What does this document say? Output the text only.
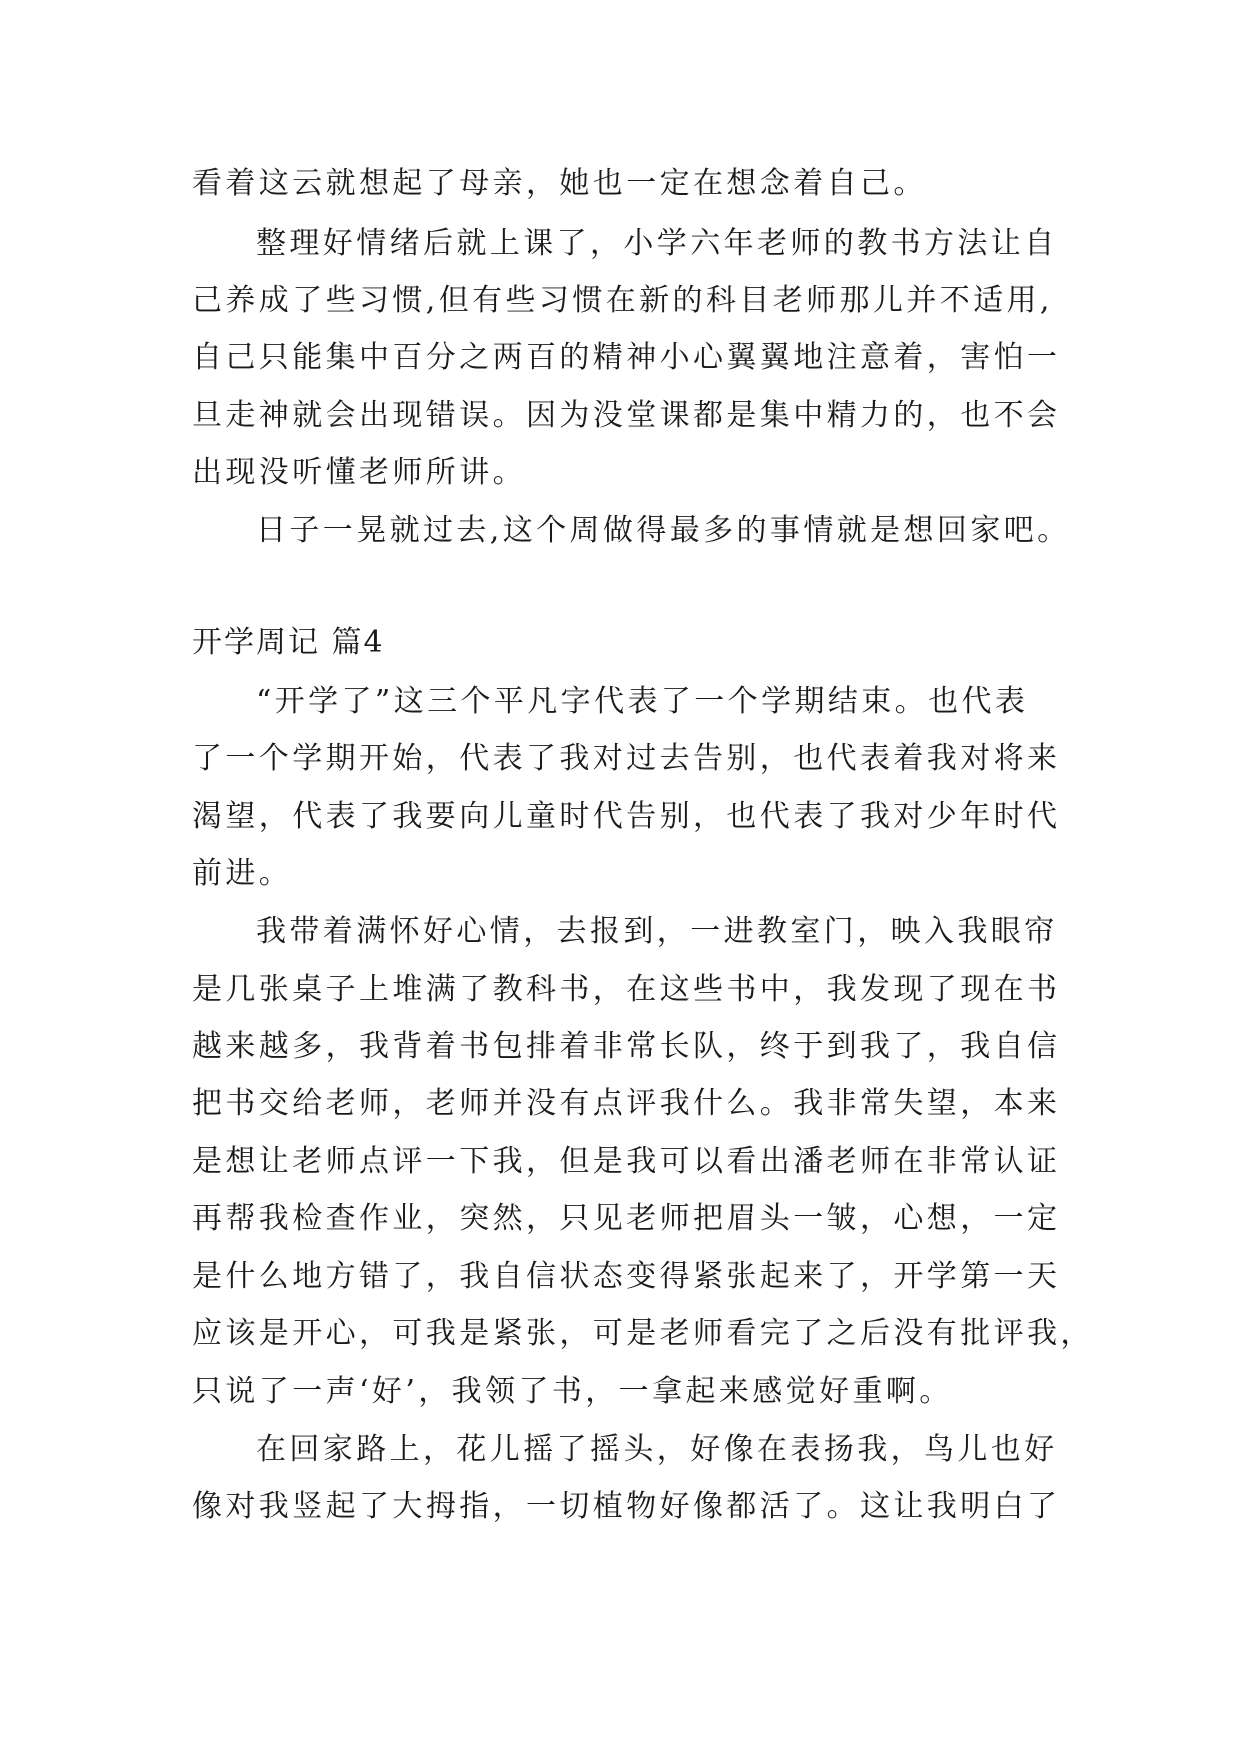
看着这云就想起了母亲，她也一定在想念着自己。
整理好情绪后就上课了，小学六年老师的教书方法让自
己养成了些习惯,但有些习惯在新的科目老师那儿并不适用,
自己只能集中百分之两百的精神小心翼翼地注意着，害怕一
旦走神就会出现错误。因为没堂课都是集中精力的，也不会
出现没听懂老师所讲。
日子一晃就过去,这个周做得最多的事情就是想回家吧。
开学周记 篇4
“开学了”这三个平凡字代表了一个学期结束。也代表
了一个学期开始，代表了我对过去告别，也代表着我对将来
渴望，代表了我要向儿童时代告别，也代表了我对少年时代
前进。
我带着满怀好心情，去报到，一进教室门，映入我眼帘
是几张桌子上堆满了教科书，在这些书中，我发现了现在书
越来越多，我背着书包排着非常长队，终于到我了，我自信
把书交给老师，老师并没有点评我什么。我非常失望，本来
是想让老师点评一下我，但是我可以看出潘老师在非常认证
再帮我检查作业，突然，只见老师把眉头一皱，心想，一定
是什么地方错了，我自信状态变得紧张起来了，开学第一天
应该是开心，可我是紧张，可是老师看完了之后没有批评我，
只说了一声‘好’，我领了书，一拿起来感觉好重啊。
在回家路上，花儿摇了摇头，好像在表扬我，鸟儿也好
像对我竖起了大拇指，一切植物好像都活了。这让我明白了
